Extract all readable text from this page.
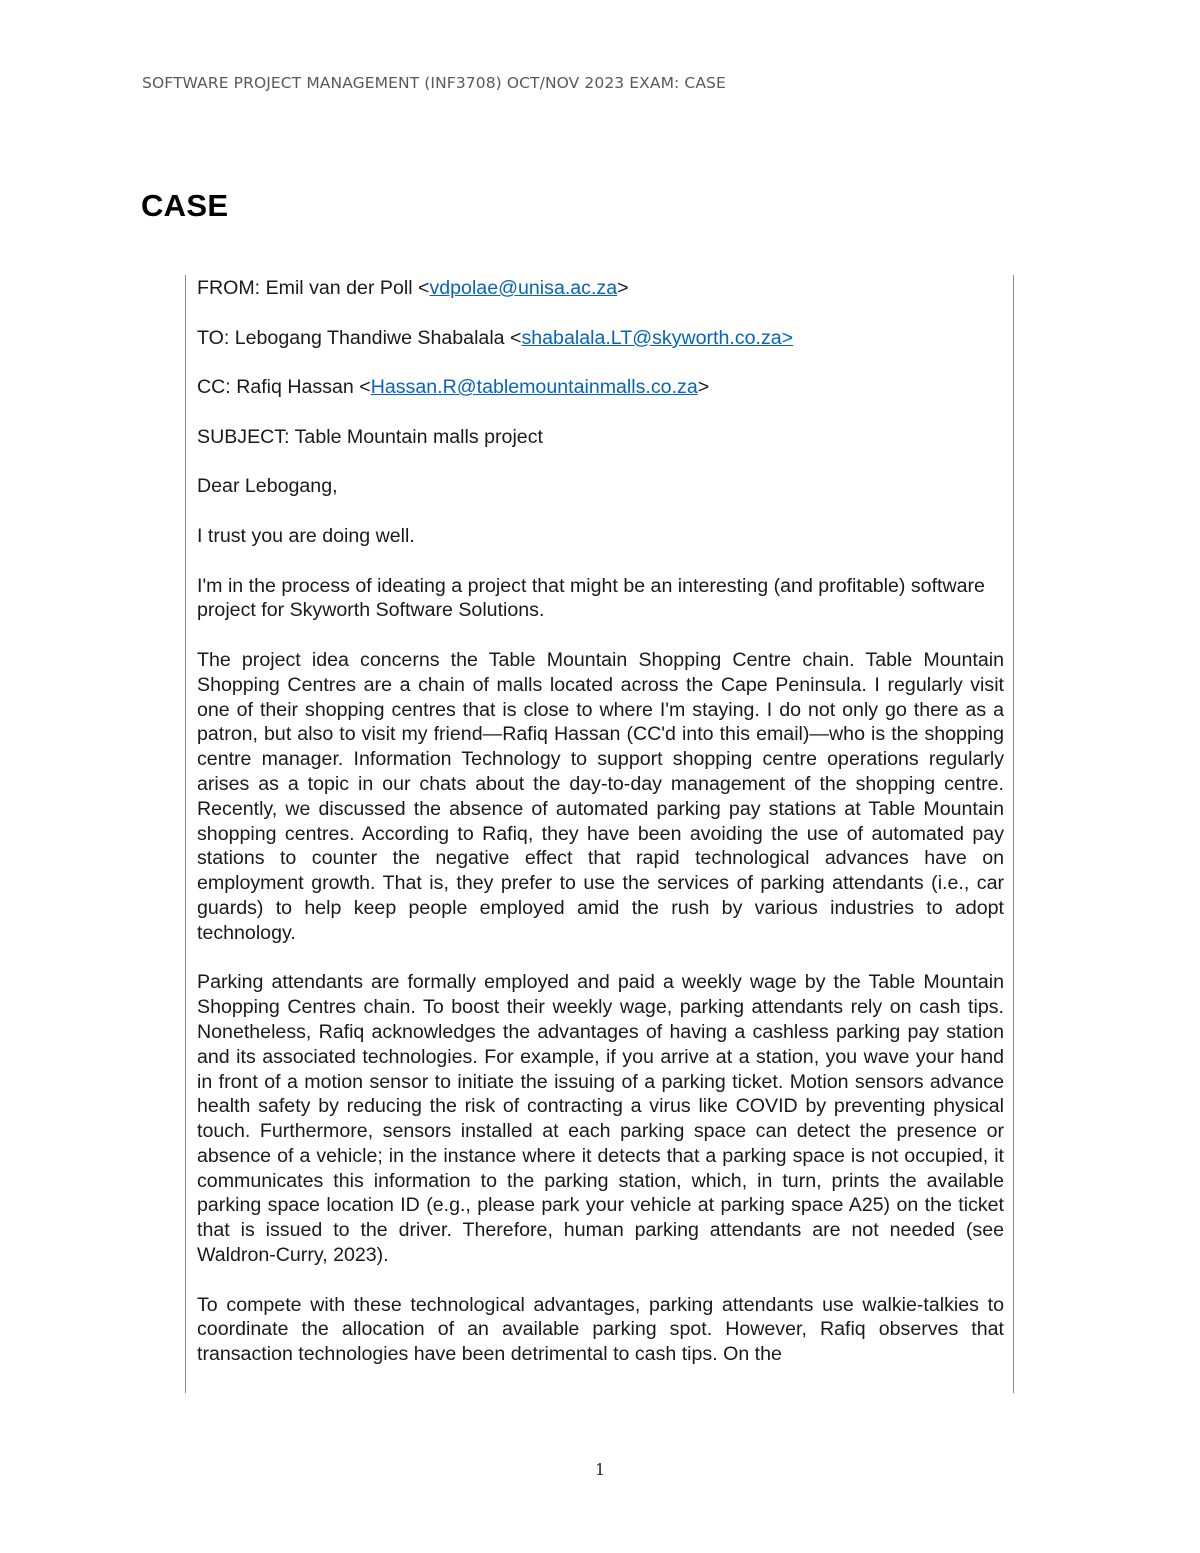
SOFTWARE PROJECT MANAGEMENT (INF3708) OCT/NOV 2023 EXAM: CASE
CASE
FROM: Emil van der Poll <vdpolae@unisa.ac.za>
TO: Lebogang Thandiwe Shabalala <shabalala.LT@skyworth.co.za>
CC: Rafiq Hassan <Hassan.R@tablemountainmalls.co.za>
SUBJECT: Table Mountain malls project

Dear Lebogang,

I trust you are doing well.

I'm in the process of ideating a project that might be an interesting (and profitable) software project for Skyworth Software Solutions.

The project idea concerns the Table Mountain Shopping Centre chain. Table Mountain Shopping Centres are a chain of malls located across the Cape Peninsula. I regularly visit one of their shopping centres that is close to where I'm staying. I do not only go there as a patron, but also to visit my friend—Rafiq Hassan (CC'd into this email)—who is the shopping centre manager. Information Technology to support shopping centre operations regularly arises as a topic in our chats about the day-to-day management of the shopping centre. Recently, we discussed the absence of automated parking pay stations at Table Mountain shopping centres. According to Rafiq, they have been avoiding the use of automated pay stations to counter the negative effect that rapid technological advances have on employment growth. That is, they prefer to use the services of parking attendants (i.e., car guards) to help keep people employed amid the rush by various industries to adopt technology.

Parking attendants are formally employed and paid a weekly wage by the Table Mountain Shopping Centres chain. To boost their weekly wage, parking attendants rely on cash tips. Nonetheless, Rafiq acknowledges the advantages of having a cashless parking pay station and its associated technologies. For example, if you arrive at a station, you wave your hand in front of a motion sensor to initiate the issuing of a parking ticket. Motion sensors advance health safety by reducing the risk of contracting a virus like COVID by preventing physical touch. Furthermore, sensors installed at each parking space can detect the presence or absence of a vehicle; in the instance where it detects that a parking space is not occupied, it communicates this information to the parking station, which, in turn, prints the available parking space location ID (e.g., please park your vehicle at parking space A25) on the ticket that is issued to the driver. Therefore, human parking attendants are not needed (see Waldron-Curry, 2023).

To compete with these technological advantages, parking attendants use walkie-talkies to coordinate the allocation of an available parking spot. However, Rafiq observes that transaction technologies have been detrimental to cash tips. On the

1
